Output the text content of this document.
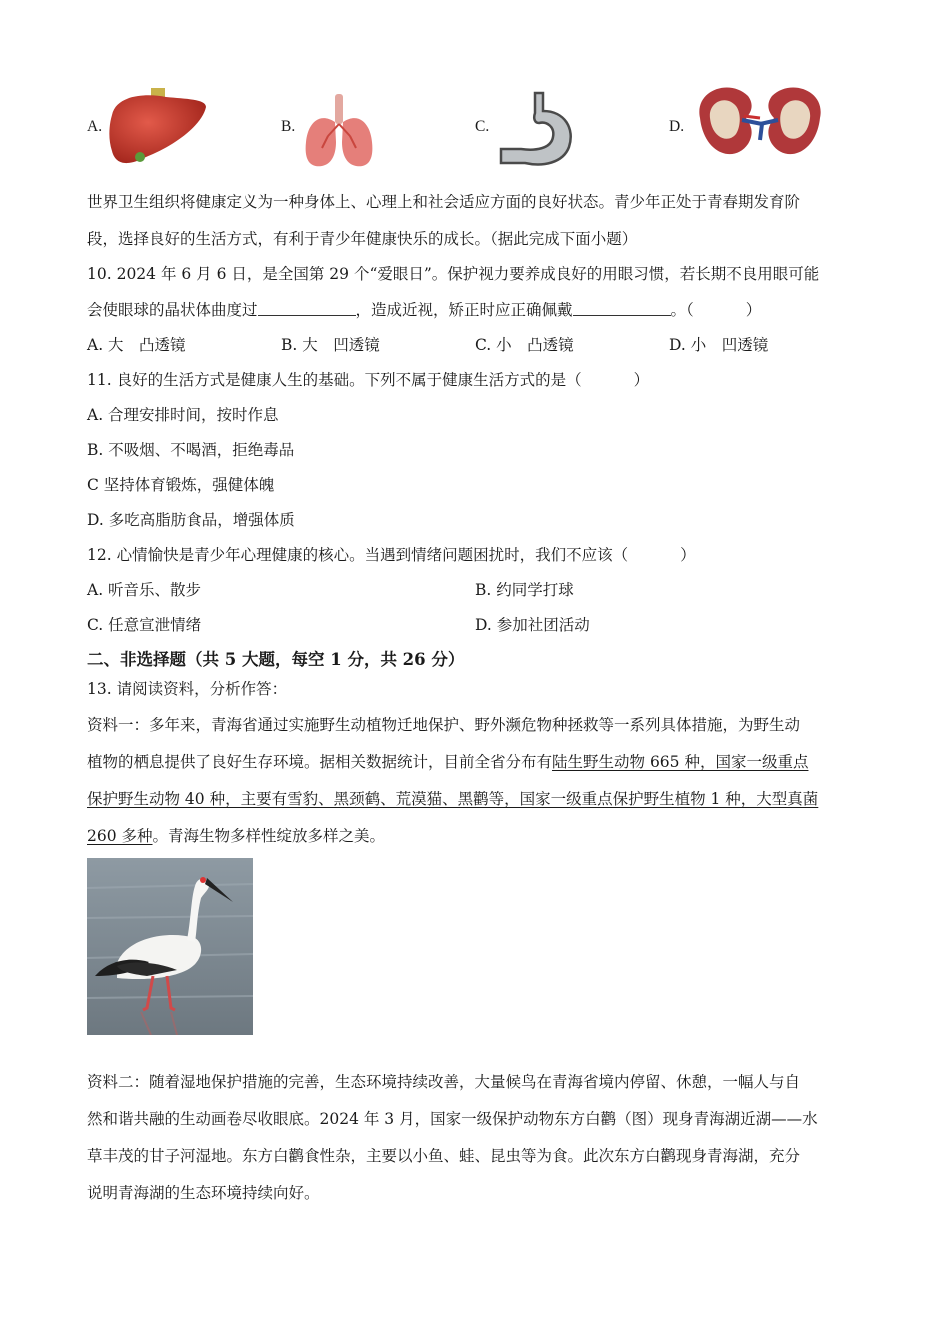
A.	B.	C.	D.
世界卫生组织将健康定义为一种身体上、心理上和社会适应方面的良好状态。青少年正处于青春期发育阶
段，选择良好的生活方式，有利于青少年健康快乐的成长。（据此完成下面小题）
10. 2024 年 6 月 6 日，是全国第 29 个“爱眼日”。保护视力要养成良好的用眼习惯，若长期不良用眼可能
会使眼球的晶状体曲度过	，造成近视，矫正时应正确佩戴	。（	）
A. 大　凸透镜	B. 大　凹透镜	C. 小　凸透镜	D. 小　凹透镜
11. 良好的生活方式是健康人生的基础。下列不属于健康生活方式的是（	）
A. 合理安排时间，按时作息
B. 不吸烟、不喝酒，拒绝毒品
C 坚持体育锻炼，强健体魄
D. 多吃高脂肪食品，增强体质
12. 心情愉快是青少年心理健康的核心。当遇到情绪问题困扰时，我们不应该（	）
A. 听音乐、散步	B. 约同学打球
C. 任意宣泄情绪	D. 参加社团活动
二、非选择题（共 5 大题，每空 1 分，共 26 分）
13. 请阅读资料，分析作答：
资料一：多年来，青海省通过实施野生动植物迁地保护、野外濒危物种拯救等一系列具体措施，为野生动
植物的栖息提供了良好生存环境。据相关数据统计，目前全省分布有陆生野生动物 665 种，国家一级重点
保护野生动物 40 种，主要有雪豹、黑颈鹤、荒漠猫、黑鹳等，国家一级重点保护野生植物 1 种，大型真菌
260 多种。青海生物多样性绽放多样之美。
资料二：随着湿地保护措施的完善，生态环境持续改善，大量候鸟在青海省境内停留、休憩，一幅人与自
然和谐共融的生动画卷尽收眼底。2024 年 3 月，国家一级保护动物东方白鹳（图）现身青海湖近湖——水
草丰茂的甘子河湿地。东方白鹳食性杂，主要以小鱼、蛙、昆虫等为食。此次东方白鹳现身青海湖，充分
说明青海湖的生态环境持续向好。
